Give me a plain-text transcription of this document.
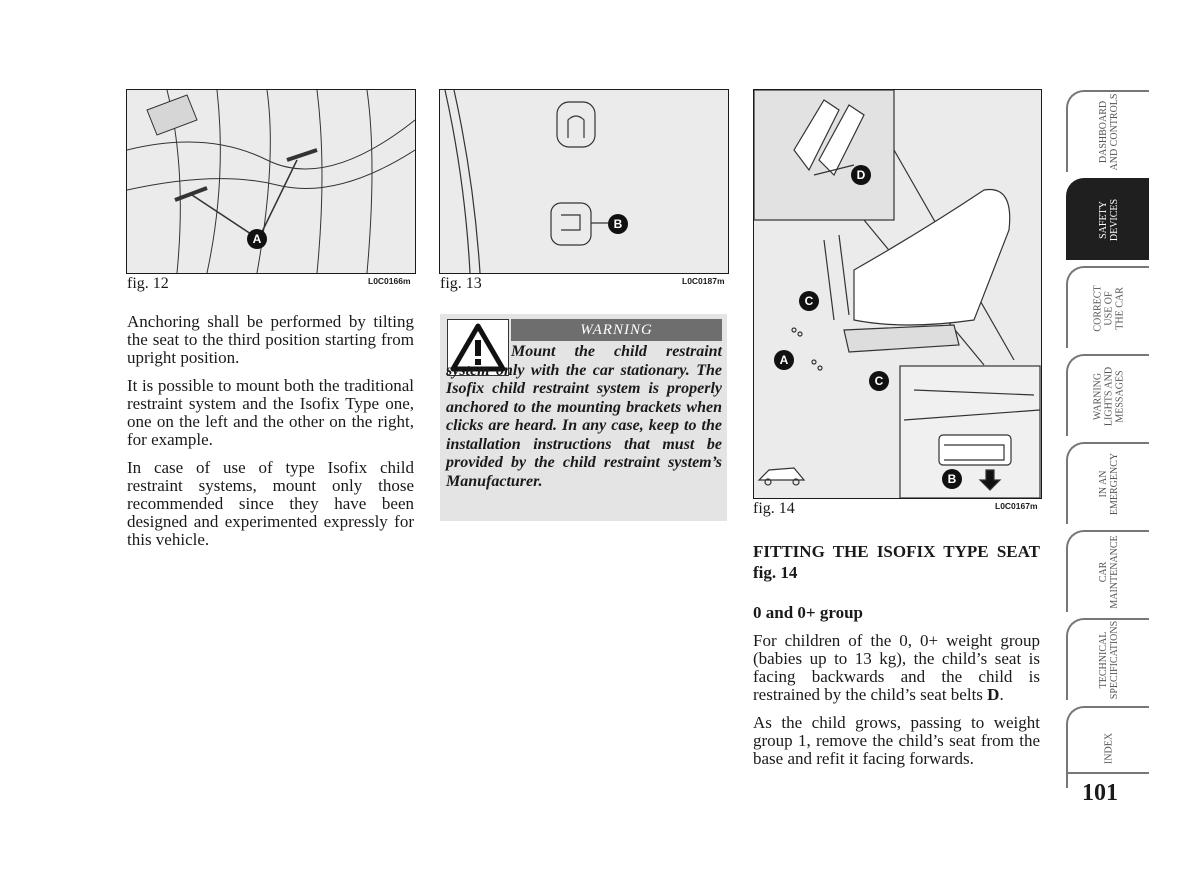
A
fig. 12	L0C0166m
B
fig. 13	L0C0187m
D
C
A
C
B
fig. 14	L0C0167m

Anchoring shall be performed by tilting the seat to the third position starting from upright position.

It is possible to mount both the traditional restraint system and the Isofix Type one, one on the left and the other on the right, for example.

In case of use of type Isofix child restraint systems, mount only those recommended since they have been designed and experimented expressly for this vehicle.

WARNING
Mount the child restraint system only with the car stationary. The Isofix child restraint system is properly anchored to the mounting brackets when clicks are heard. In any case, keep to the installation instructions that must be provided by the child restraint system’s Manufacturer.

FITTING THE ISOFIX TYPE SEAT fig. 14

0 and 0+ group

For children of the 0, 0+ weight group (babies up to 13 kg), the child’s seat is facing backwards and the child is restrained by the child’s seat belts D.

As the child grows, passing to weight group 1, remove the child’s seat from the base and refit it facing forwards.

DASHBOARD
AND CONTROLS
SAFETY
DEVICES
CORRECT
USE OF
THE CAR
WARNING
LIGHTS AND
MESSAGES
IN AN
EMERGENCY
CAR
MAINTENANCE
TECHNICAL
SPECIFICATIONS
INDEX
101
